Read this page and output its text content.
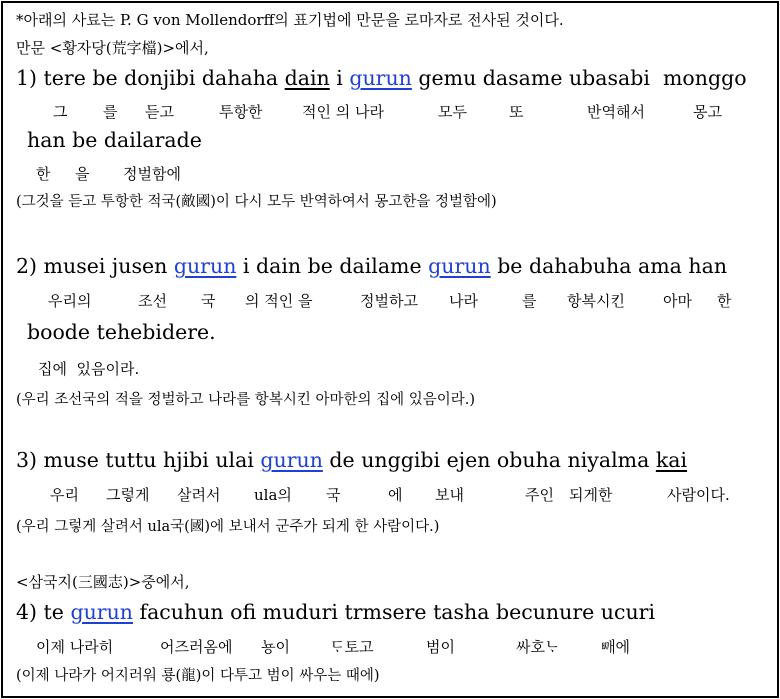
*아래의 사료는 P. G von Mollendorff의 표기법에 만문을 로마자로 전사된 것이다.
만문 <황자당(荒字檔)>에서,
1) tere be donjibi dahaha dain i gurun gemu dasame ubasabi  monggo
그 를 듣고	투항한	적인 의 나라	모두	또	반역해서	몽고
han be dailarade
한 을 정벌함에
(그것을 듣고 투항한 적국(敵國)이 다시 모두 반역하여서 몽고한을 정벌함에)
2) musei jusen gurun i dain be dailame gurun be dahabuha ama han
우리의	조선 국 의 적인 을	정벌하고 나라	를 항복시킨	아마 한
boode tehebidere.
집에  있음이라.
(우리 조선국의 적을 정벌하고 나라를 항복시킨 아마한의 집에 있음이라.)
3) muse tuttu hjibi ulai gurun de unggibi ejen obuha niyalma kai
우리 그렇게 살려서 ula의 국	에 보내	주인 되게한	사람이다.
(우리 그렇게 살려서 ula국(國)에 보내서 군주가 되게 한 사람이다.)
<삼국지(三國志)>중에서,
4) te gurun facuhun ofi muduri trmsere tasha becunure ucuri
이제 나라히	어즈러옴에 뇽이	ᄃᆞ토고	범이	싸호ᄂᆞ	ᄢᅢ에
(이제 나라가 어지러워 룡(龍)이 다투고 범이 싸우는 때에)
